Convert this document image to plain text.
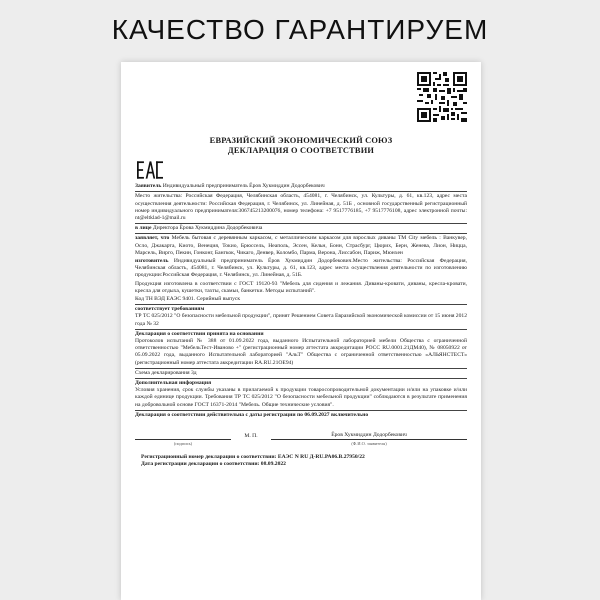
КАЧЕСТВО ГАРАНТИРУЕМ
ЕВРАЗИЙСКИЙ ЭКОНОМИЧЕСКИЙ СОЮЗ
ДЕКЛАРАЦИЯ О СООТВЕТСТВИИ
Заявитель Индивидуальный предприниматель Ёров Хукмиддин Додорбекович
Место жительства: Российская Федерация, Челябинская область, 454081, г. Челябинск, ул. Культуры, д. 61, кв.123, адрес места осуществления деятельности: Российская Федерация, г. Челябинск, ул. Линейная, д. 51Б , основной государственный регистрационный номер индивидуального предпринимателя:306745213200076, номер телефона: +7 9517776185, +7 9517776108, адрес электронной почты: nt@eltklad-1@mail.ru
в лице Директора Ёрова Хукмиддина Додорбековича
заявляет, что Мебель бытовая с деревянным каркасом, с металлическим каркасом для взрослых диваны ТМ City мебель : Ванкувер, Осло, Джакарта, Киото, Венеция, Токио, Брюссель, Неаполь, Эссен, Кельн, Бонн, Страсбург, Цюрих, Берн, Женева, Лион, Ницца, Марсель, Вирго, Пекин, Гонконг, Бангкок, Чикаго, Денвер, Коломбо, Парма, Верона, Лиссабон, Париж, Мюнхен
изготовитель Индивидуальный предприниматель Ёров Хукмиддин Додорбекович.Место жительства: Российская Федерация, Челябинская область, 454081, г. Челябинск, ул. Культуры, д. 61, кв.123, адрес места осуществления деятельности по изготовлению продукции:Российская Федерация, г. Челябинск, ул. Линейная, д. 51Б.
Продукция изготовлена в соответствии с ГОСТ 19120-93 "Мебель для сидения и лежания. Диваны-кровати, диваны, кресла-кровати, кресла для отдыха, кушетки, тахты, скамьи, банкетки. Методы испытаний".
Код ТН ВЭД ЕАЭС 9401. Серийный выпуск
соответствует требованиям
ТР ТС 025/2012 "О безопасности мебельной продукции", принят Решением Совета Евразийской экономической комиссии от 15 июня 2012 года № 32
Декларация о соответствии принята на основании
Протоколов испытаний № 388 от 01.09.2022 года, выданного Испытательной лабораторией мебели Общества с ограниченной ответственностью "МебельТест-Иваново +" (регистрационный номер аттестата аккредитации РОСС RU.0001.21ДМ40), № 08050922 от 05.09.2022 года, выданного Испытательной лабораторией "АльТ" Общества с ограниченной ответственностью «АЛЬЯНСТЕСТ» (регистрационный номер аттестата аккредитации RA.RU.21ОЕ94)
Схема декларирования 3д
Дополнительная информация
Условия хранения, срок службы указаны в прилагаемой к продукции товаросопроводительной документации и/или на упаковке и/или каждой единице продукции. Требования ТР ТС 025/2012 "О безопасности мебельной продукции" соблюдаются в результате применения на добровольной основе ГОСТ 16371-2014 "Мебель. Общие технические условия".
Декларация о соответствии действительна с даты регистрации по 06.09.2027 включительно
М. П.	Ёров Хукмиддин Додорбекович
(подпись)	(Ф.И.О. заявителя)
Регистрационный номер декларации о соответствии: ЕАЭС N RU Д-RU.РА06.В.27950/22
Дата регистрации декларации о соответствии: 08.09.2022
